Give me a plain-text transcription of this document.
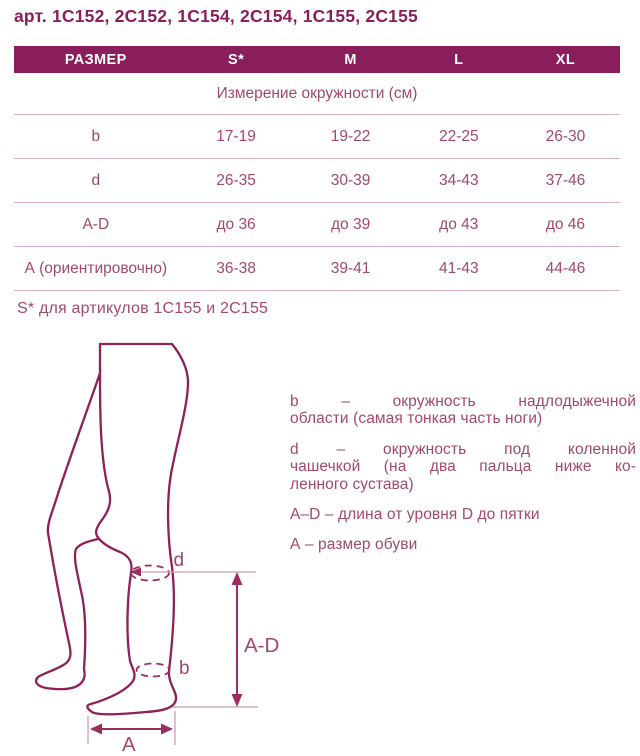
арт. 1С152, 2С152, 1С154, 2С154, 1С155, 2С155
РАЗМЕР	S*	M	L	XL
Измерение окружности (см)				
b	17-19	19-22	22-25	26-30
d	26-35	30-39	34-43	37-46
A-D	до 36	до 39	до 43	до 46
А (ориентировочно)	36-38	39-41	41-43	44-46
S* для артикулов 1С155 и 2С155
d
b
A-D
A
b – окружность надлодыжечной
области (самая тонкая часть ноги)
d – окружность под коленной
чашечкой (на два пальца ниже ко-
ленного сустава)
A–D – длина от уровня D до пятки
А – размер обуви
